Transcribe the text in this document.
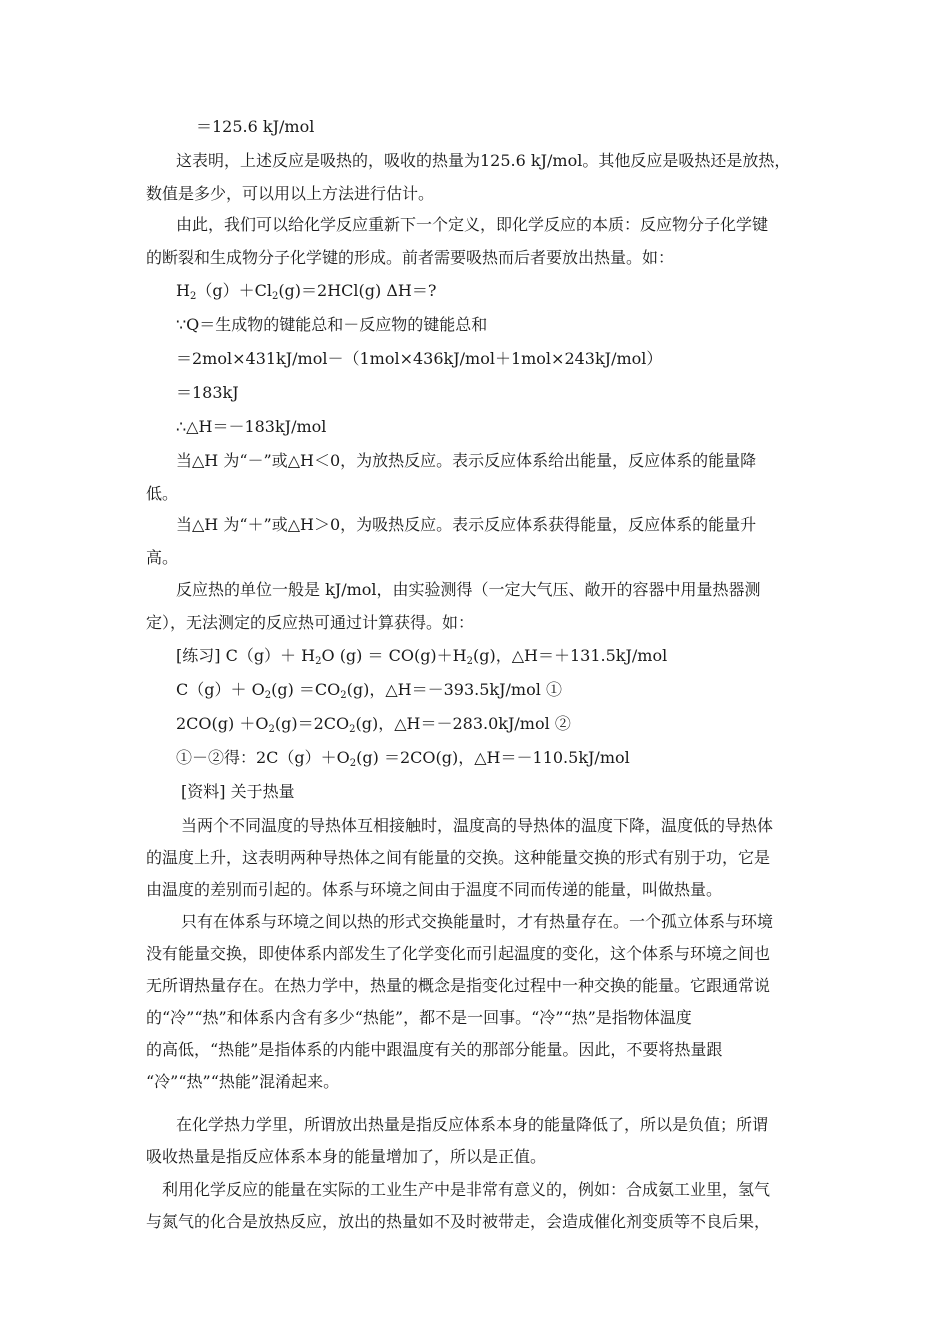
＝125.6 kJ/mol
这表明，上述反应是吸热的，吸收的热量为125.6 kJ/mol。其他反应是吸热还是放热，
数值是多少，可以用以上方法进行估计。
由此，我们可以给化学反应重新下一个定义，即化学反应的本质：反应物分子化学键
的断裂和生成物分子化学键的形成。前者需要吸热而后者要放出热量。如：
$H_2(g)+Cl_2(g)=2HCl(g)$ ΔH＝?
∵Q＝生成物的键能总和－反应物的键能总和
＝2mol×431kJ/mol－（1mol×436kJ/mol＋1mol×243kJ/mol）
＝183kJ
∴△H＝－183kJ/mol
当△H 为“－”或△H＜0，为放热反应。表示反应体系给出能量，反应体系的能量降
低。
当△H 为“＋”或△H＞0，为吸热反应。表示反应体系获得能量，反应体系的能量升
高。
反应热的单位一般是 kJ/mol，由实验测得（一定大气压、敞开的容器中用量热器测
定），无法测定的反应热可通过计算获得。如：
[练习] $C(g)+ H_2O$ $(g) = CO(g)+H_2(g)$，△H＝＋131.5kJ/mol
$C(g)+ O_2(g) =CO_2(g)$，△H＝－393.5kJ/mol ①
$2CO(g) +O_2(g)=2CO_2(g)$，△H＝－283.0kJ/mol ②
①－②得：$2C(g)+O_2(g) =2CO(g)$，△H＝－110.5kJ/mol
[资料] 关于热量
当两个不同温度的导热体互相接触时，温度高的导热体的温度下降，温度低的导热体
的温度上升，这表明两种导热体之间有能量的交换。这种能量交换的形式有别于功，它是
由温度的差别而引起的。体系与环境之间由于温度不同而传递的能量，叫做热量。
只有在体系与环境之间以热的形式交换能量时，才有热量存在。一个孤立体系与环境
没有能量交换，即使体系内部发生了化学变化而引起温度的变化，这个体系与环境之间也
无所谓热量存在。在热力学中，热量的概念是指变化过程中一种交换的能量。它跟通常说
的“冷”“热”和体系内含有多少“热能”，都不是一回事。“冷”“热”是指物体温度
的高低，“热能”是指体系的内能中跟温度有关的那部分能量。因此，不要将热量跟
“冷”“热”“热能”混淆起来。
在化学热力学里，所谓放出热量是指反应体系本身的能量降低了，所以是负值；所谓
吸收热量是指反应体系本身的能量增加了，所以是正值。
利用化学反应的能量在实际的工业生产中是非常有意义的，例如：合成氨工业里，氢气
与氮气的化合是放热反应，放出的热量如不及时被带走，会造成催化剂变质等不良后果，
